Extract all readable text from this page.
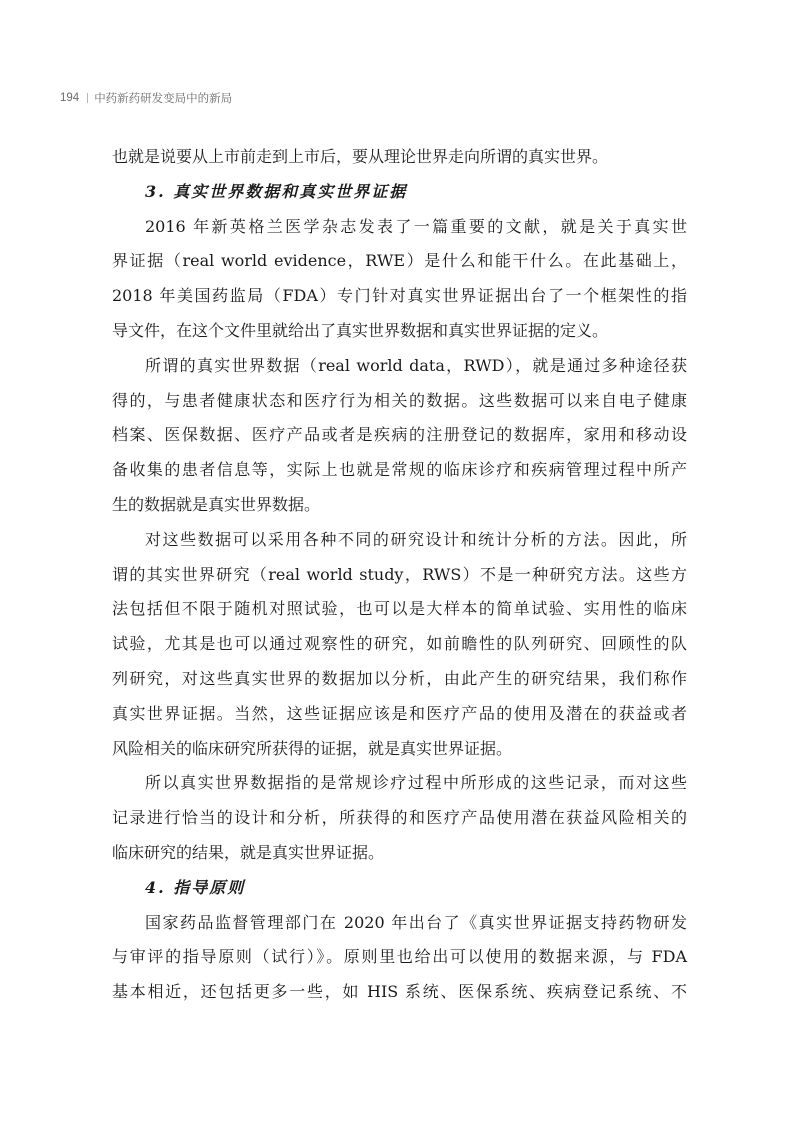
194 中药新药研发变局中的新局
也就是说要从上市前走到上市后，要从理论世界走向所谓的真实世界。
3. 真实世界数据和真实世界证据
2016 年新英格兰医学杂志发表了一篇重要的文献，就是关于真实世
界证据（real world evidence，RWE）是什么和能干什么。在此基础上，
2018 年美国药监局（FDA）专门针对真实世界证据出台了一个框架性的指
导文件，在这个文件里就给出了真实世界数据和真实世界证据的定义。
所谓的真实世界数据（real world data，RWD），就是通过多种途径获
得的，与患者健康状态和医疗行为相关的数据。这些数据可以来自电子健康
档案、医保数据、医疗产品或者是疾病的注册登记的数据库，家用和移动设
备收集的患者信息等，实际上也就是常规的临床诊疗和疾病管理过程中所产
生的数据就是真实世界数据。
对这些数据可以采用各种不同的研究设计和统计分析的方法。因此，所
谓的其实世界研究（real world study，RWS）不是一种研究方法。这些方
法包括但不限于随机对照试验，也可以是大样本的简单试验、实用性的临床
试验，尤其是也可以通过观察性的研究，如前瞻性的队列研究、回顾性的队
列研究，对这些真实世界的数据加以分析，由此产生的研究结果，我们称作
真实世界证据。当然，这些证据应该是和医疗产品的使用及潜在的获益或者
风险相关的临床研究所获得的证据，就是真实世界证据。
所以真实世界数据指的是常规诊疗过程中所形成的这些记录，而对这些
记录进行恰当的设计和分析，所获得的和医疗产品使用潜在获益风险相关的
临床研究的结果，就是真实世界证据。
4. 指导原则
国家药品监督管理部门在 2020 年出台了《真实世界证据支持药物研发
与审评的指导原则（试行）》。原则里也给出可以使用的数据来源，与 FDA
基本相近，还包括更多一些，如 HIS 系统、医保系统、疾病登记系统、不
